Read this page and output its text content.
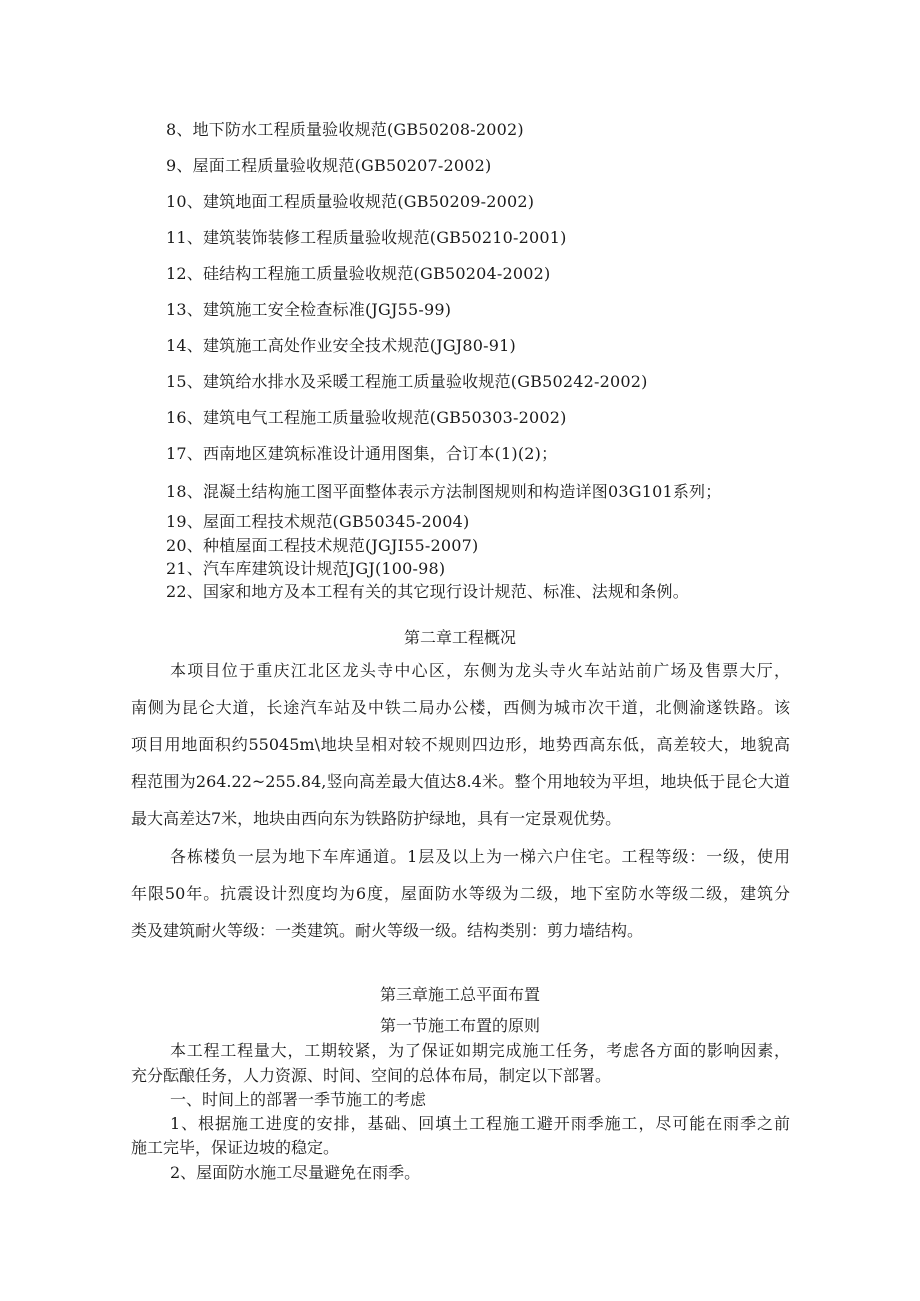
8、地下防水工程质量验收规范(GB50208-2002)
9、屋面工程质量验收规范(GB50207-2002)
10、建筑地面工程质量验收规范(GB50209-2002)
11、建筑装饰装修工程质量验收规范(GB50210-2001)
12、硅结构工程施工质量验收规范(GB50204-2002)
13、建筑施工安全检查标准(JGJ55-99)
14、建筑施工高处作业安全技术规范(JGJ80-91)
15、建筑给水排水及采暖工程施工质量验收规范(GB50242-2002)
16、建筑电气工程施工质量验收规范(GB50303-2002)
17、西南地区建筑标准设计通用图集，合订本(1)(2)；
18、混凝土结构施工图平面整体表示方法制图规则和构造详图03G101系列；
19、屋面工程技术规范(GB50345-2004)
20、种植屋面工程技术规范(JGJI55-2007)
21、汽车库建筑设计规范JGJ(100-98)
22、国家和地方及本工程有关的其它现行设计规范、标准、法规和条例。
第二章工程概况
本项目位于重庆江北区龙头寺中心区，东侧为龙头寺火车站站前广场及售票大厅，
南侧为昆仑大道，长途汽车站及中铁二局办公楼，西侧为城市次干道，北侧渝遂铁路。该
项目用地面积约55045m\地块呈相对较不规则四边形，地势西高东低，高差较大，地貌高
程范围为264.22~255.84,竖向高差最大值达8.4米。整个用地较为平坦，地块低于昆仑大道
最大高差达7米，地块由西向东为铁路防护绿地，具有一定景观优势。
各栋楼负一层为地下车库通道。1层及以上为一梯六户住宅。工程等级：一级，使用
年限50年。抗震设计烈度均为6度，屋面防水等级为二级，地下室防水等级二级，建筑分
类及建筑耐火等级：一类建筑。耐火等级一级。结构类别：剪力墙结构。
第三章施工总平面布置
第一节施工布置的原则
本工程工程量大，工期较紧，为了保证如期完成施工任务，考虑各方面的影响因素，
充分酝酿任务，人力资源、时间、空间的总体布局，制定以下部署。
一、时间上的部署一季节施工的考虑
1、根据施工进度的安排，基础、回填土工程施工避开雨季施工，尽可能在雨季之前
施工完毕，保证边坡的稳定。
2、屋面防水施工尽量避免在雨季。
